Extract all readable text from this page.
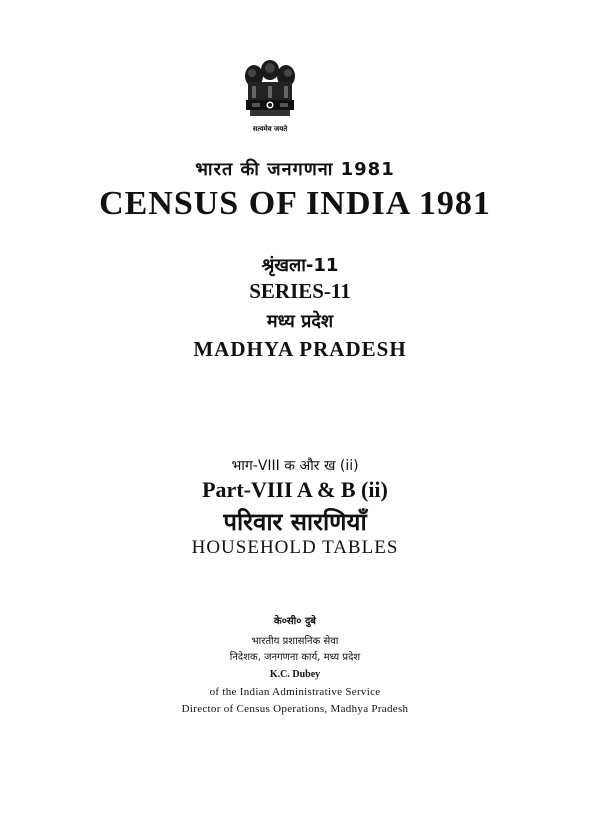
सत्यमेव जयते
भारत की जनगणना 1981
CENSUS OF INDIA 1981
श्रृंखला-11
SERIES-11
मध्य प्रदेश
MADHYA PRADESH
भाग-VIII क और ख (ii)
Part-VIII A & B (ii)
परिवार सारणियाँ
HOUSEHOLD TABLES
के०सी० दुबे
भारतीय प्रशासनिक सेवा
निदेशक, जनगणना कार्य, मध्य प्रदेश
K.C. Dubey
of the Indian Administrative Service
Director of Census Operations, Madhya Pradesh
